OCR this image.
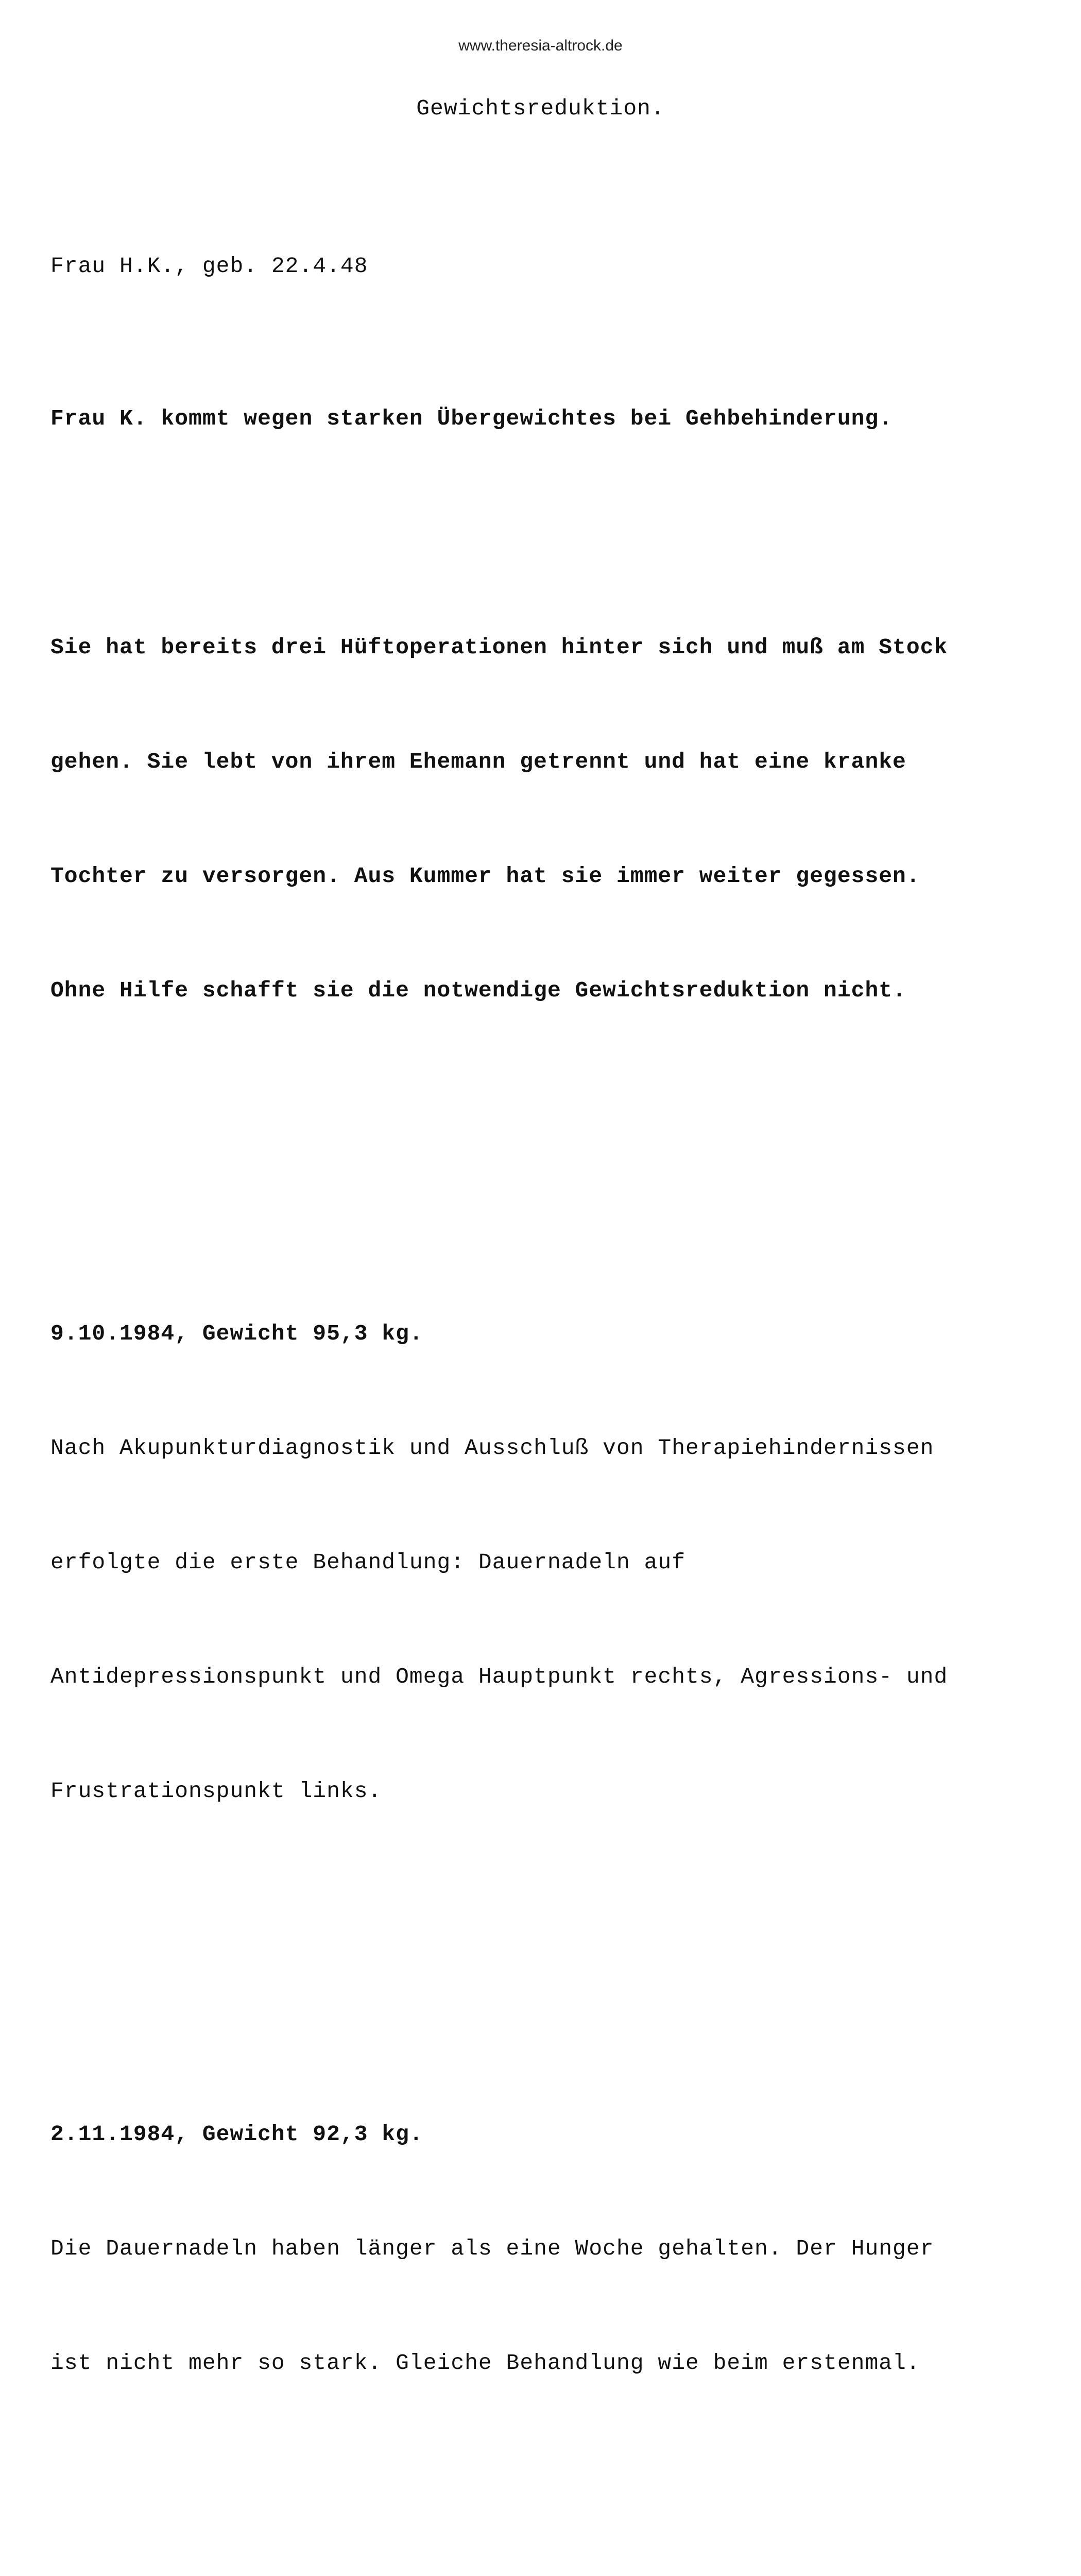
www.theresia-altrock.de
Gewichtsreduktion.

Frau H.K., geb. 22.4.48

Frau K. kommt wegen starken Übergewichtes bei Gehbehinderung.

Sie hat bereits drei Hüftoperationen hinter sich und muß am Stock

gehen. Sie lebt von ihrem Ehemann getrennt und hat eine kranke

Tochter zu versorgen. Aus Kummer hat sie immer weiter gegessen.

Ohne Hilfe schafft sie die notwendige Gewichtsreduktion nicht.

9.10.1984, Gewicht 95,3 kg.

Nach Akupunkturdiagnostik und Ausschluß von Therapiehindernissen

erfolgte die erste Behandlung: Dauernadeln auf

Antidepressionspunkt und Omega Hauptpunkt rechts, Agressions- und

Frustrationspunkt links.

2.11.1984, Gewicht 92,3 kg.

Die Dauernadeln haben länger als eine Woche gehalten. Der Hunger

ist nicht mehr so stark. Gleiche Behandlung wie beim erstenmal.
